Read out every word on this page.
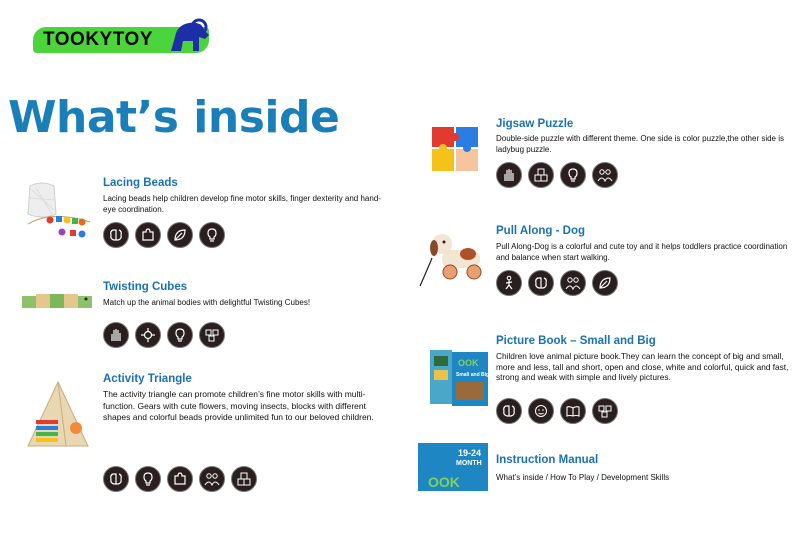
TOOKYTOY
What’s inside
Lacing Beads
Lacing beads help children develop fine motor skills, finger dexterity and hand-eye coordination.
Twisting Cubes
Match up the animal bodies with delightful Twisting Cubes!
Activity Triangle
The activity triangle can promote children’s fine motor skills with multi-function. Gears with cute flowers, moving insects, blocks with different shapes and colorful beads provide unlimited fun to our beloved children.
Jigsaw Puzzle
Double-side puzzle with different theme. One side is color puzzle,the other side is ladybug puzzle.
Pull Along - Dog
Pull Along-Dog is a colorful and cute toy and it helps toddlers practice coordination and balance when start walking.
OOK
Small and Big
Picture Book – Small and Big
Children love animal picture book.They can learn the concept of big and small, more and less, tall and short, open and close, white and colorful, quick and fast, strong and weak with simple and lively pictures.
19-24
MONTH
OOK
Instruction Manual
What’s inside / How To Play / Development Skills
